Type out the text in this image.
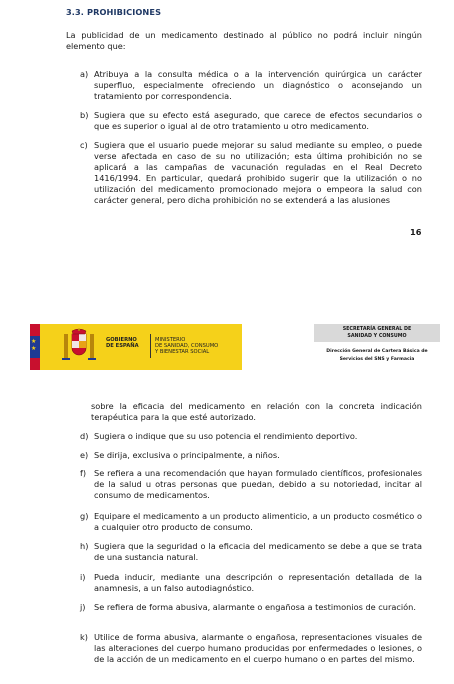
3.3. PROHIBICIONES

La publicidad de un medicamento destinado al público no podrá incluir ningún elemento que:

a) Atribuya a la consulta médica o a la intervención quirúrgica un carácter superfluo, especialmente ofreciendo un diagnóstico o aconsejando un tratamiento por correspondencia.
b) Sugiera que su efecto está asegurado, que carece de efectos secundarios o que es superior o igual al de otro tratamiento u otro medicamento.
c) Sugiera que el usuario puede mejorar su salud mediante su empleo, o puede verse afectada en caso de su no utilización; esta última prohibición no se aplicará a las campañas de vacunación reguladas en el Real Decreto 1416/1994. En particular, quedará prohibido sugerir que la utilización o no utilización del medicamento promocionado mejora o empeora la salud con carácter general, pero dicha prohibición no se extenderá a las alusiones
16
★
★
GOBIERNO
DE ESPAÑA
MINISTERIO
DE SANIDAD, CONSUMO
Y BIENESTAR SOCIAL
SECRETARÍA GENERAL DE
SANIDAD Y CONSUMO
Dirección General de Cartera Básica de
Servicios del SNS y Farmacia

sobre la eficacia del medicamento en relación con la concreta indicación terapéutica para la que esté autorizado.

d) Sugiera o indique que su uso potencia el rendimiento deportivo.
e) Se dirija, exclusiva o principalmente, a niños.
f) Se refiera a una recomendación que hayan formulado científicos, profesionales de la salud u otras personas que puedan, debido a su notoriedad, incitar al consumo de medicamentos.
g) Equipare el medicamento a un producto alimenticio, a un producto cosmético o a cualquier otro producto de consumo.
h) Sugiera que la seguridad o la eficacia del medicamento se debe a que se trata de una sustancia natural.
i)	Pueda inducir, mediante una descripción o representación detallada de la anamnesis, a un falso autodiagnóstico.
j)	Se refiera de forma abusiva, alarmante o engañosa a testimonios de curación.
k) Utilice de forma abusiva, alarmante o engañosa, representaciones visuales de las alteraciones del cuerpo humano producidas por enfermedades o lesiones, o de la acción de un medicamento en el cuerpo humano o en partes del mismo.
